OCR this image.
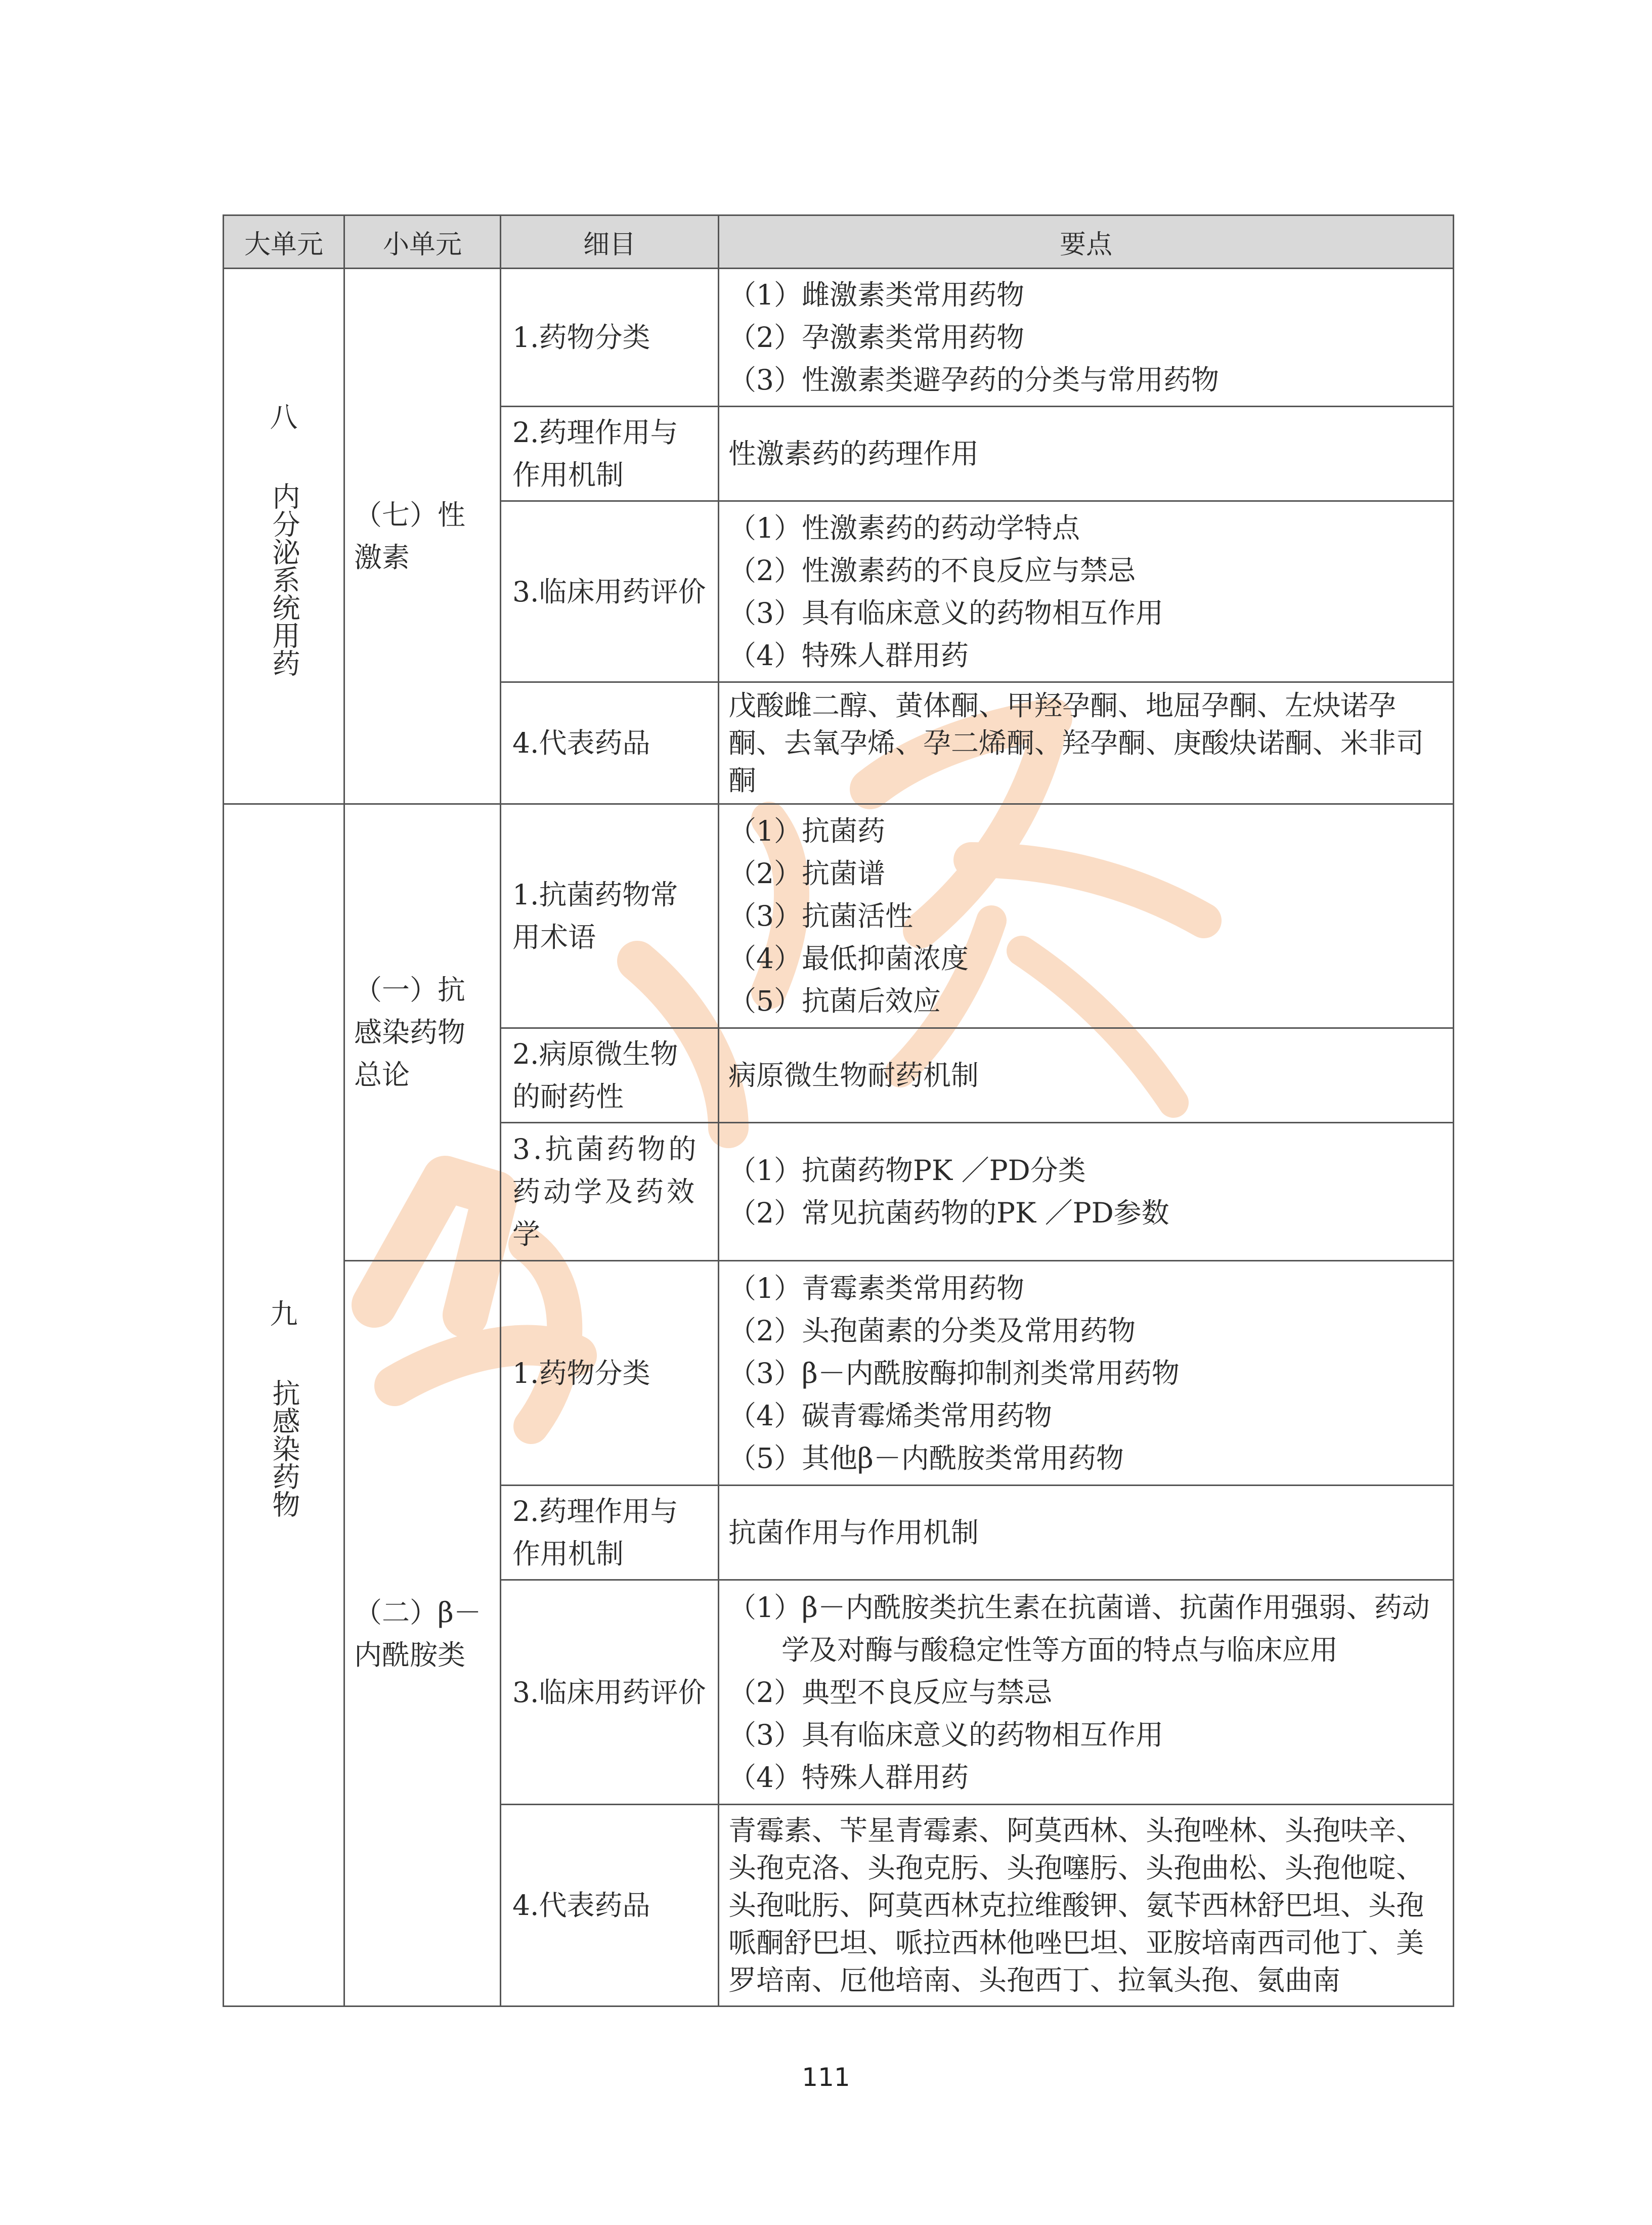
大单元	小单元	细目	要点

八
内分泌系统用药	（七）性激素	1.药物分类	（1）雌激素类常用药物
（2）孕激素类常用药物
（3）性激素类避孕药的分类与常用药物

		2.药理作用与作用机制	性激素药的药理作用

		3.临床用药评价	（1）性激素药的药动学特点
（2）性激素药的不良反应与禁忌
（3）具有临床意义的药物相互作用
（4）特殊人群用药

		4.代表药品	戊酸雌二醇、黄体酮、甲羟孕酮、地屈孕酮、左炔诺孕酮、去氧孕烯、孕二烯酮、羟孕酮、庚酸炔诺酮、米非司酮

九
抗感染药物	（一）抗感染药物总论	1.抗菌药物常用术语	（1）抗菌药
（2）抗菌谱
（3）抗菌活性
（4）最低抑菌浓度
（5）抗菌后效应

		2.病原微生物的耐药性	病原微生物耐药机制

		3.抗菌药物的药动学及药效学	（1）抗菌药物PK ／PD分类
（2）常见抗菌药物的PK ／PD参数

	（二）β－内酰胺类	1.药物分类	（1）青霉素类常用药物
（2）头孢菌素的分类及常用药物
（3）β－内酰胺酶抑制剂类常用药物
（4）碳青霉烯类常用药物
（5）其他β－内酰胺类常用药物

		2.药理作用与作用机制	抗菌作用与作用机制

		3.临床用药评价	（1）β－内酰胺类抗生素在抗菌谱、抗菌作用强弱、药动
学及对酶与酸稳定性等方面的特点与临床应用
（2）典型不良反应与禁忌
（3）具有临床意义的药物相互作用
（4）特殊人群用药

		4.代表药品	青霉素、苄星青霉素、阿莫西林、头孢唑林、头孢呋辛、头孢克洛、头孢克肟、头孢噻肟、头孢曲松、头孢他啶、头孢吡肟、阿莫西林克拉维酸钾、氨苄西林舒巴坦、头孢哌酮舒巴坦、哌拉西林他唑巴坦、亚胺培南西司他丁、美罗培南、厄他培南、头孢西丁、拉氧头孢、氨曲南
111
